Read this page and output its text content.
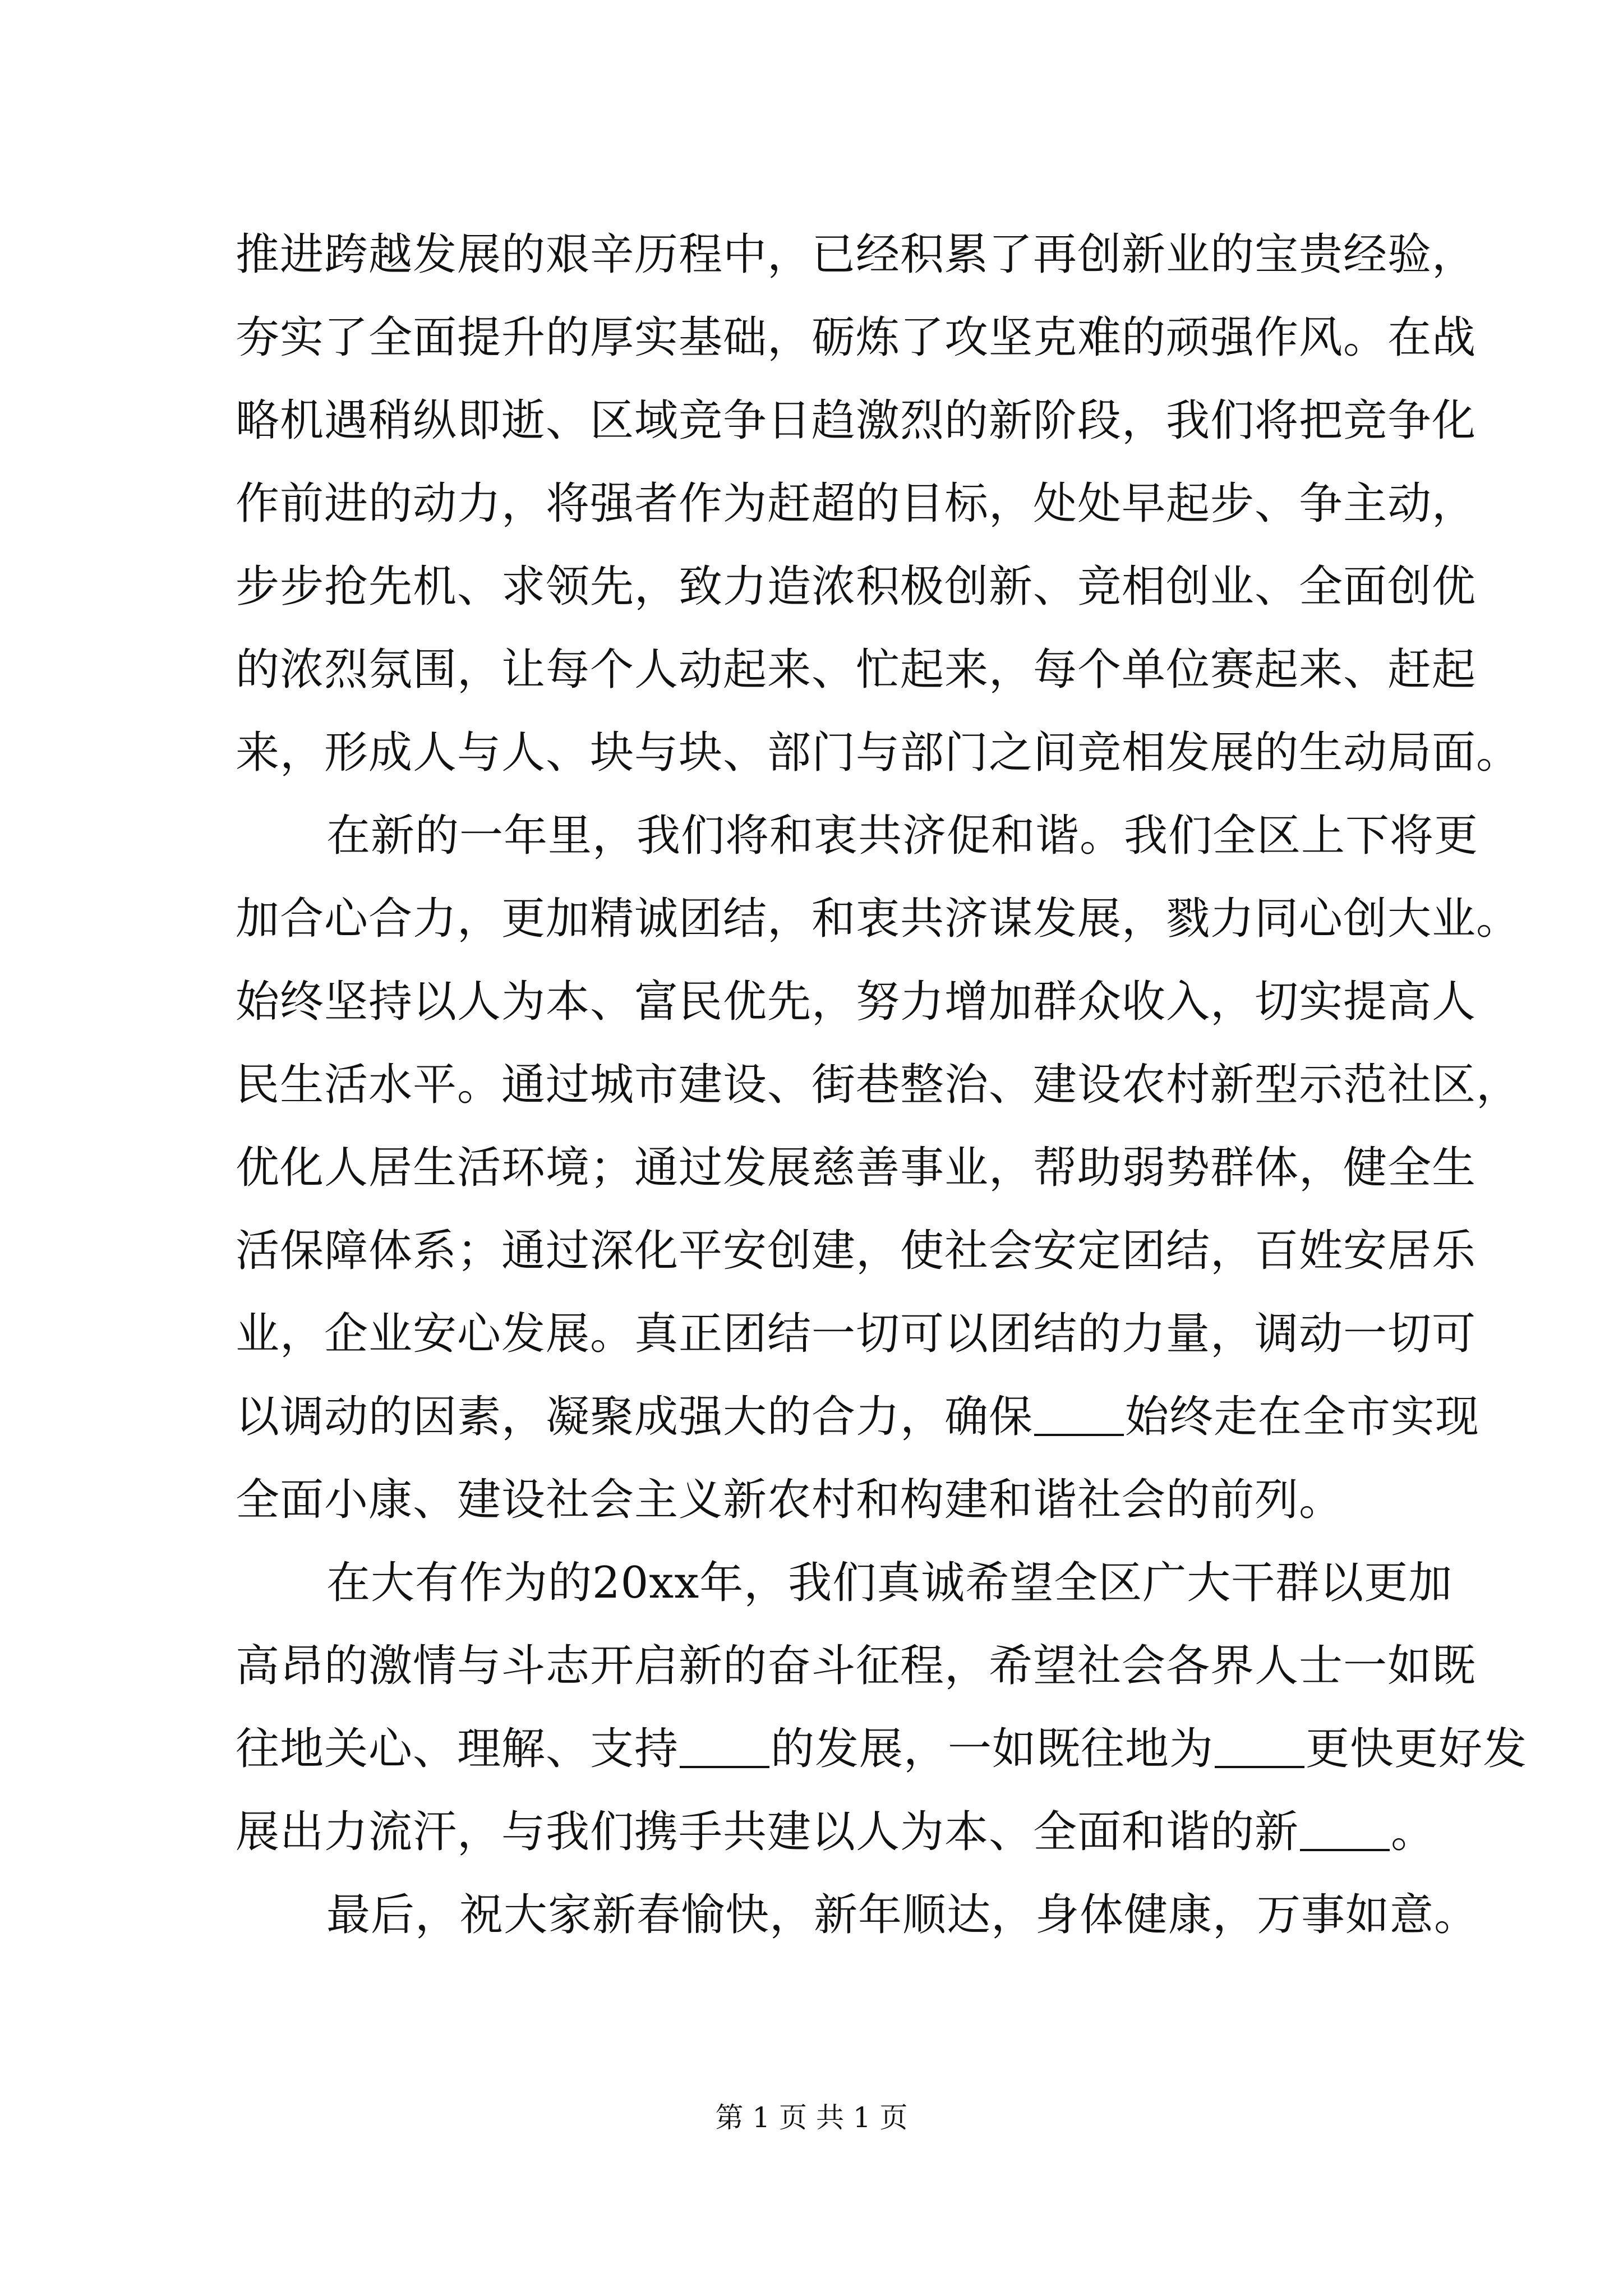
推进跨越发展的艰辛历程中，已经积累了再创新业的宝贵经验，
夯实了全面提升的厚实基础，砺炼了攻坚克难的顽强作风。在战
略机遇稍纵即逝、区域竞争日趋激烈的新阶段，我们将把竞争化
作前进的动力，将强者作为赶超的目标，处处早起步、争主动，
步步抢先机、求领先，致力造浓积极创新、竞相创业、全面创优
的浓烈氛围，让每个人动起来、忙起来，每个单位赛起来、赶起
来，形成人与人、块与块、部门与部门之间竞相发展的生动局面。
在新的一年里，我们将和衷共济促和谐。我们全区上下将更
加合心合力，更加精诚团结，和衷共济谋发展，戮力同心创大业。
始终坚持以人为本、富民优先，努力增加群众收入，切实提高人
民生活水平。通过城市建设、街巷整治、建设农村新型示范社区，
优化人居生活环境；通过发展慈善事业，帮助弱势群体，健全生
活保障体系；通过深化平安创建，使社会安定团结，百姓安居乐
业，企业安心发展。真正团结一切可以团结的力量，调动一切可
以调动的因素，凝聚成强大的合力，确保 始终走在全市实现
全面小康、建设社会主义新农村和构建和谐社会的前列。
在大有作为的20xx年，我们真诚希望全区广大干群以更加
高昂的激情与斗志开启新的奋斗征程，希望社会各界人士一如既
往地关心、理解、支持 的发展，一如既往地为 更快更好发
展出力流汗，与我们携手共建以人为本、全面和谐的新 。
最后，祝大家新春愉快，新年顺达，身体健康，万事如意。
第 1 页 共 1 页
